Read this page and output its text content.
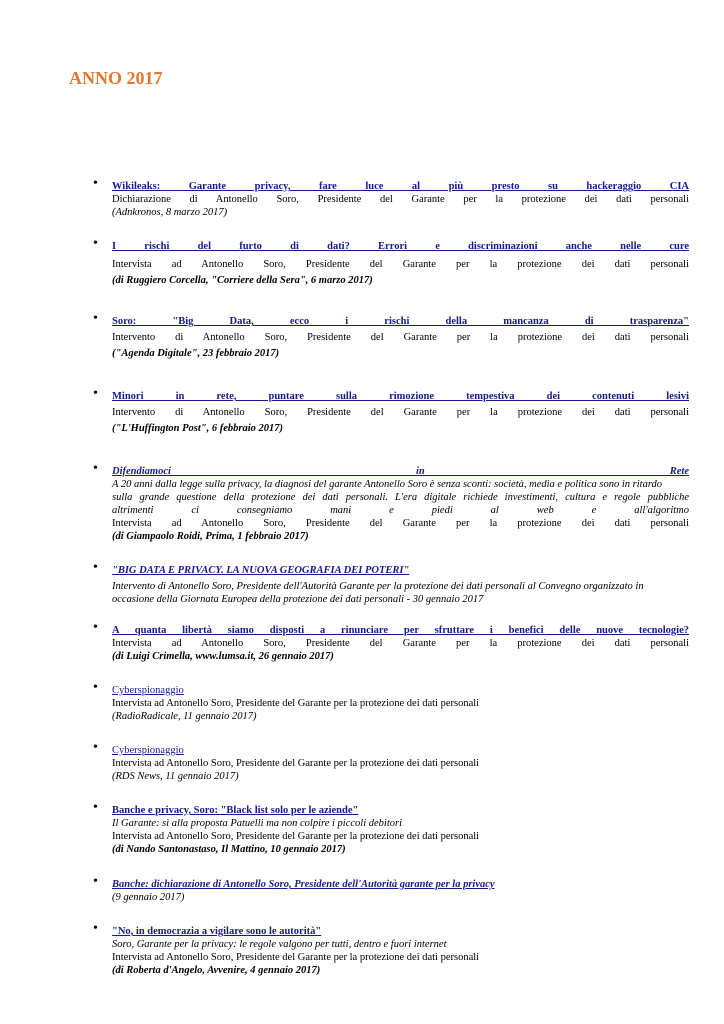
ANNO 2017
• Wikileaks: Garante privacy, fare luce al più presto su hackeraggio CIA
Dichiarazione di Antonello Soro, Presidente del Garante per la protezione dei dati personali
(Adnkronos, 8 marzo 2017)
• I rischi del furto di dati? Errori e discriminazioni anche nelle cure
Intervista ad Antonello Soro, Presidente del Garante per la protezione dei dati personali
(di Ruggiero Corcella, "Corriere della Sera", 6 marzo 2017)
• Soro: "Big Data, ecco i rischi della mancanza di trasparenza"
Intervento di Antonello Soro, Presidente del Garante per la protezione dei dati personali
("Agenda Digitale", 23 febbraio 2017)
• Minori in rete, puntare sulla rimozione tempestiva dei contenuti lesivi
Intervento di Antonello Soro, Presidente del Garante per la protezione dei dati personali
("L'Huffington Post", 6 febbraio 2017)
• Difendiamoci in Rete
A 20 anni dalla legge sulla privacy, la diagnosi del garante Antonello Soro è senza sconti: società, media e politica sono in ritardo
sulla grande questione della protezione dei dati personali. L'era digitale richiede investimenti, cultura e regole pubbliche
altrimenti ci consegniamo mani e piedi al web e all'algoritmo
Intervista ad Antonello Soro, Presidente del Garante per la protezione dei dati personali
(di Giampaolo Roidi, Prima, 1 febbraio 2017)
• "BIG DATA E PRIVACY. LA NUOVA GEOGRAFIA DEI POTERI"
Intervento di Antonello Soro, Presidente dell'Autorità Garante per la protezione dei dati personali al Convegno organizzato in
occasione della Giornata Europea della protezione dei dati personali - 30 gennaio 2017
• A quanta libertà siamo disposti a rinunciare per sfruttare i benefici delle nuove tecnologie?
Intervista ad Antonello Soro, Presidente del Garante per la protezione dei dati personali
(di Luigi Crimella, www.lumsa.it, 26 gennaio 2017)
• Cyberspionaggio
Intervista ad Antonello Soro, Presidente del Garante per la protezione dei dati personali
(RadioRadicale, 11 gennaio 2017)
• Cyberspionaggio
Intervista ad Antonello Soro, Presidente del Garante per la protezione dei dati personali
(RDS News, 11 gennaio 2017)
• Banche e privacy, Soro: "Black list solo per le aziende"
Il Garante: sì alla proposta Patuelli ma non colpire i piccoli debitori
Intervista ad Antonello Soro, Presidente del Garante per la protezione dei dati personali
(di Nando Santonastaso, Il Mattino, 10 gennaio 2017)
• Banche: dichiarazione di Antonello Soro, Presidente dell'Autorità garante per la privacy
(9 gennaio 2017)
• "No, in democrazia a vigilare sono le autorità"
Soro, Garante per la privacy: le regole valgono per tutti, dentro e fuori internet
Intervista ad Antonello Soro, Presidente del Garante per la protezione dei dati personali
(di Roberta d'Angelo, Avvenire, 4 gennaio 2017)
